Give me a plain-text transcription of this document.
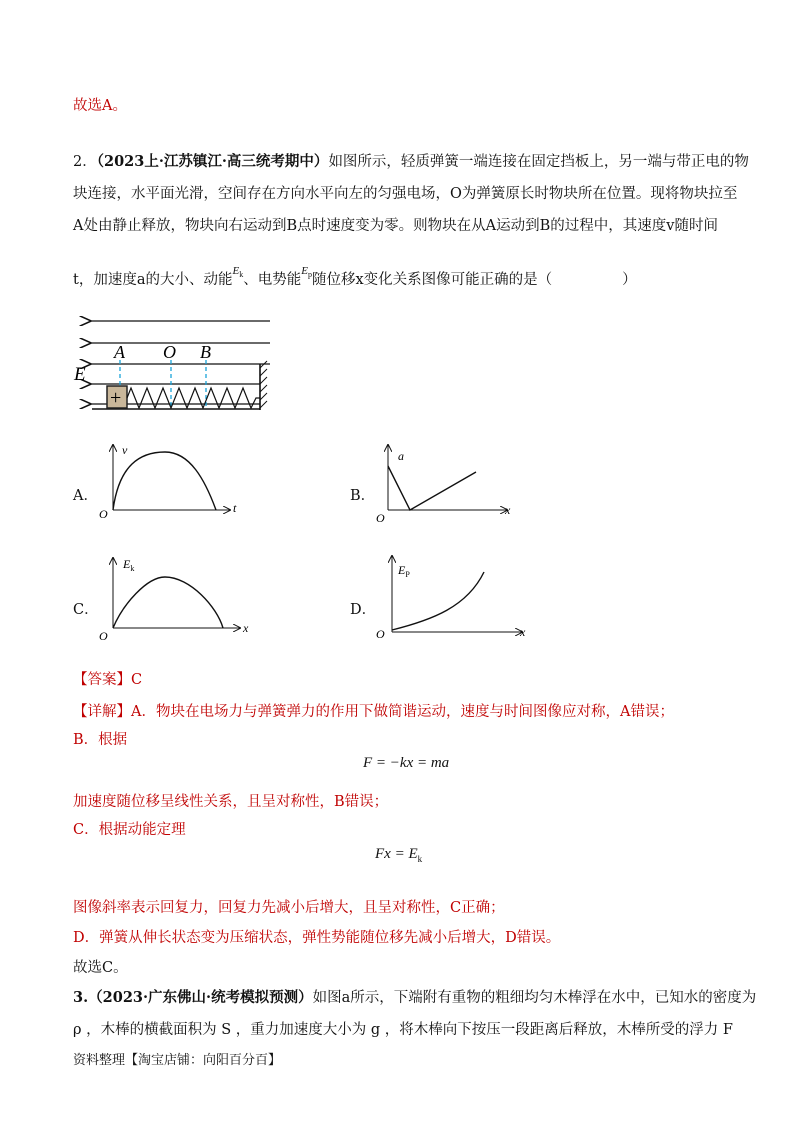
故选A。
2．（2023上·江苏镇江·高三统考期中）如图所示，轻质弹簧一端连接在固定挡板上，另一端与带正电的物
块连接，水平面光滑，空间存在方向水平向左的匀强电场，O为弹簧原长时物块所在位置。现将物块拉至
A处由静止释放，物块向右运动到B点时速度变为零。则物块在从A运动到B的过程中，其速度v随时间
t，加速度a的大小、动能$^{E_k}$、电势能$^{E_p}$随位移x变化关系图像可能正确的是（	）
E
A O B
+
A．
v
t
O
B．
a
x
O
C．
$E_k$
x
O
D．
$E_P$
x
O
【答案】C
【详解】A．物块在电场力与弹簧弹力的作用下做简谐运动，速度与时间图像应对称，A错误；
B．根据
F = −kx = ma
加速度随位移呈线性关系，且呈对称性，B错误；
C．根据动能定理
$Fx = E_k$
图像斜率表示回复力，回复力先减小后增大，且呈对称性，C正确；
D．弹簧从伸长状态变为压缩状态，弹性势能随位移先减小后增大，D错误。
故选C。
3.（2023·广东佛山·统考模拟预测）如图a所示，下端附有重物的粗细均匀木棒浮在水中，已知水的密度为
ρ ，木棒的横截面积为 S ，重力加速度大小为 g ，将木棒向下按压一段距离后释放，木棒所受的浮力 F
资料整理【淘宝店铺：向阳百分百】
